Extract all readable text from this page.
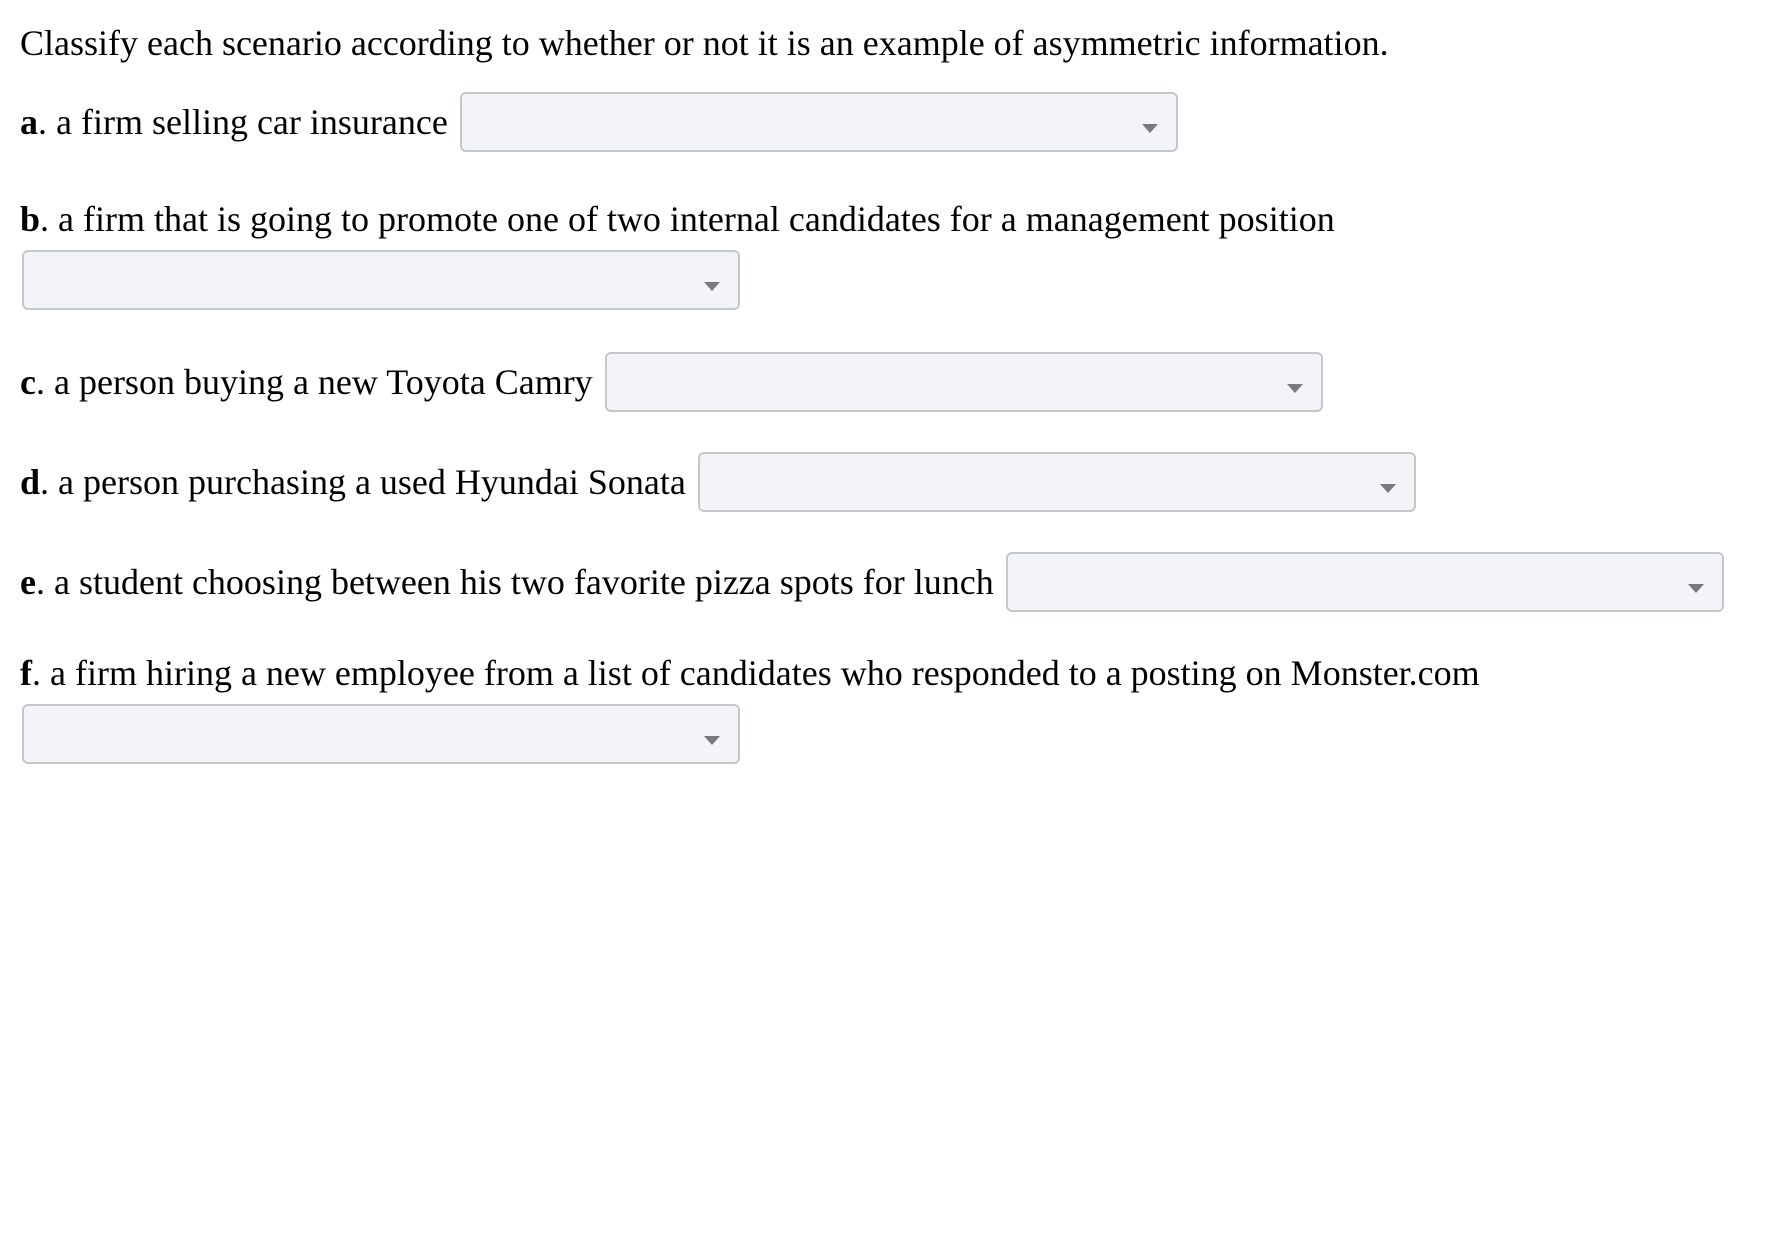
Classify each scenario according to whether or not it is an example of asymmetric information.

a. a firm selling car insurance
b. a firm that is going to promote one of two internal candidates for a management position
c. a person buying a new Toyota Camry
d. a person purchasing a used Hyundai Sonata
e. a student choosing between his two favorite pizza spots for lunch
f. a firm hiring a new employee from a list of candidates who responded to a posting on Monster.com
